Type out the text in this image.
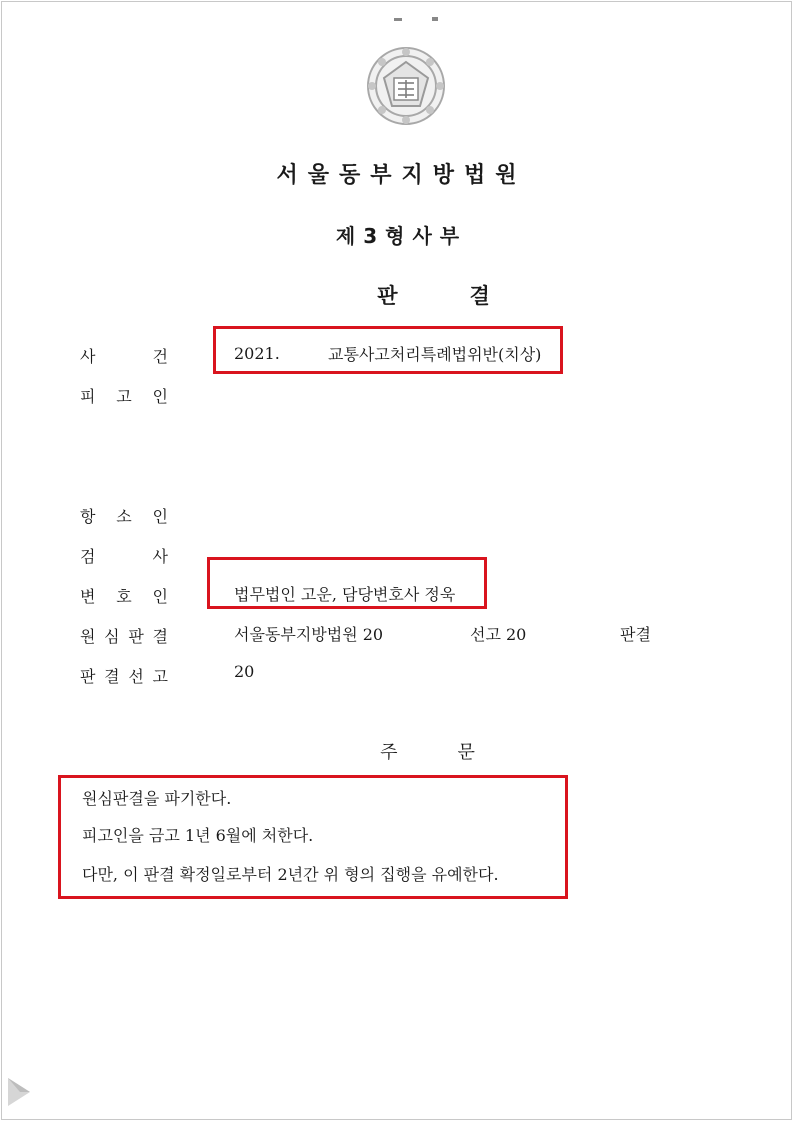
서울동부지방법원
제3형사부
판결
사	건	2021.	교통사고처리특례법위반(치상)
피 고 인
항 소 인
검	사
변 호 인	법무법인 고운, 담당변호사 정욱
원 심 판 결	서울동부지방법원 20	선고 20	판결
판 결 선 고	20
주문
원심판결을 파기한다.
피고인을 금고 1년 6월에 처한다.
다만, 이 판결 확정일로부터 2년간 위 형의 집행을 유예한다.
